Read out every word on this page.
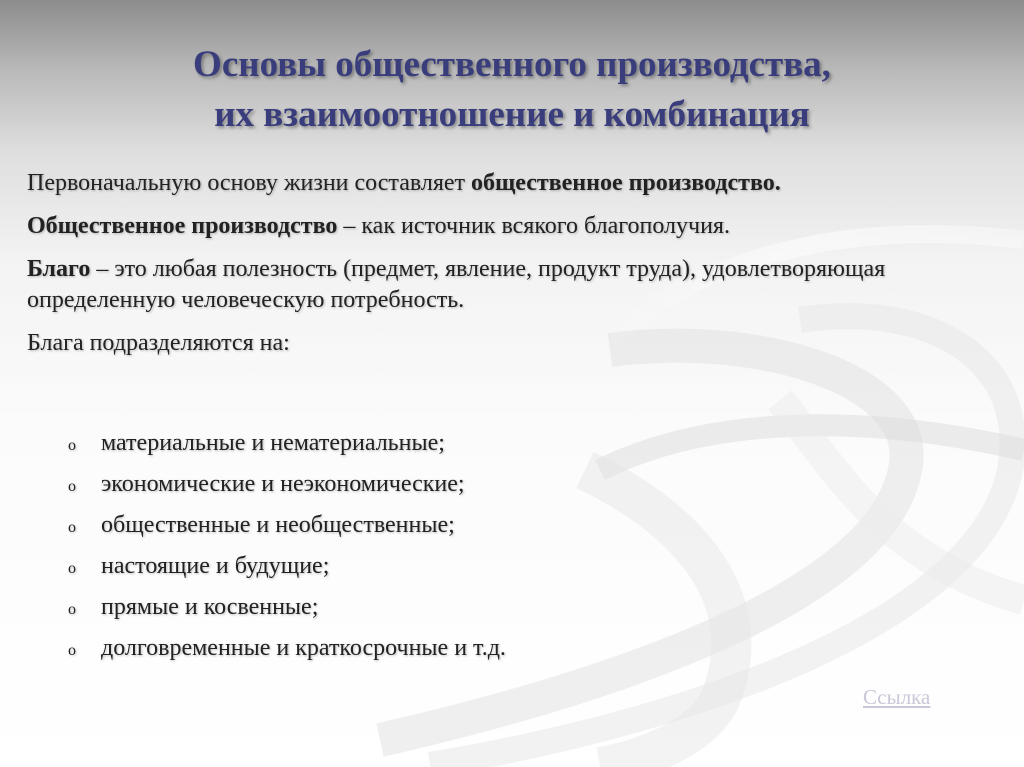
Основы общественного производства,
их взаимоотношение и комбинация

Первоначальную основу жизни составляет общественное производство.

Общественное производство – как источник всякого благополучия.

Благо – это любая полезность (предмет, явление, продукт труда), удовлетворяющая определенную человеческую потребность.

Блага подразделяются на:

o материальные и нематериальные;
o экономические и неэкономические;
o общественные и необщественные;
o настоящие и будущие;
o прямые и косвенные;
o долговременные и краткосрочные и т.д.
Ссылка
